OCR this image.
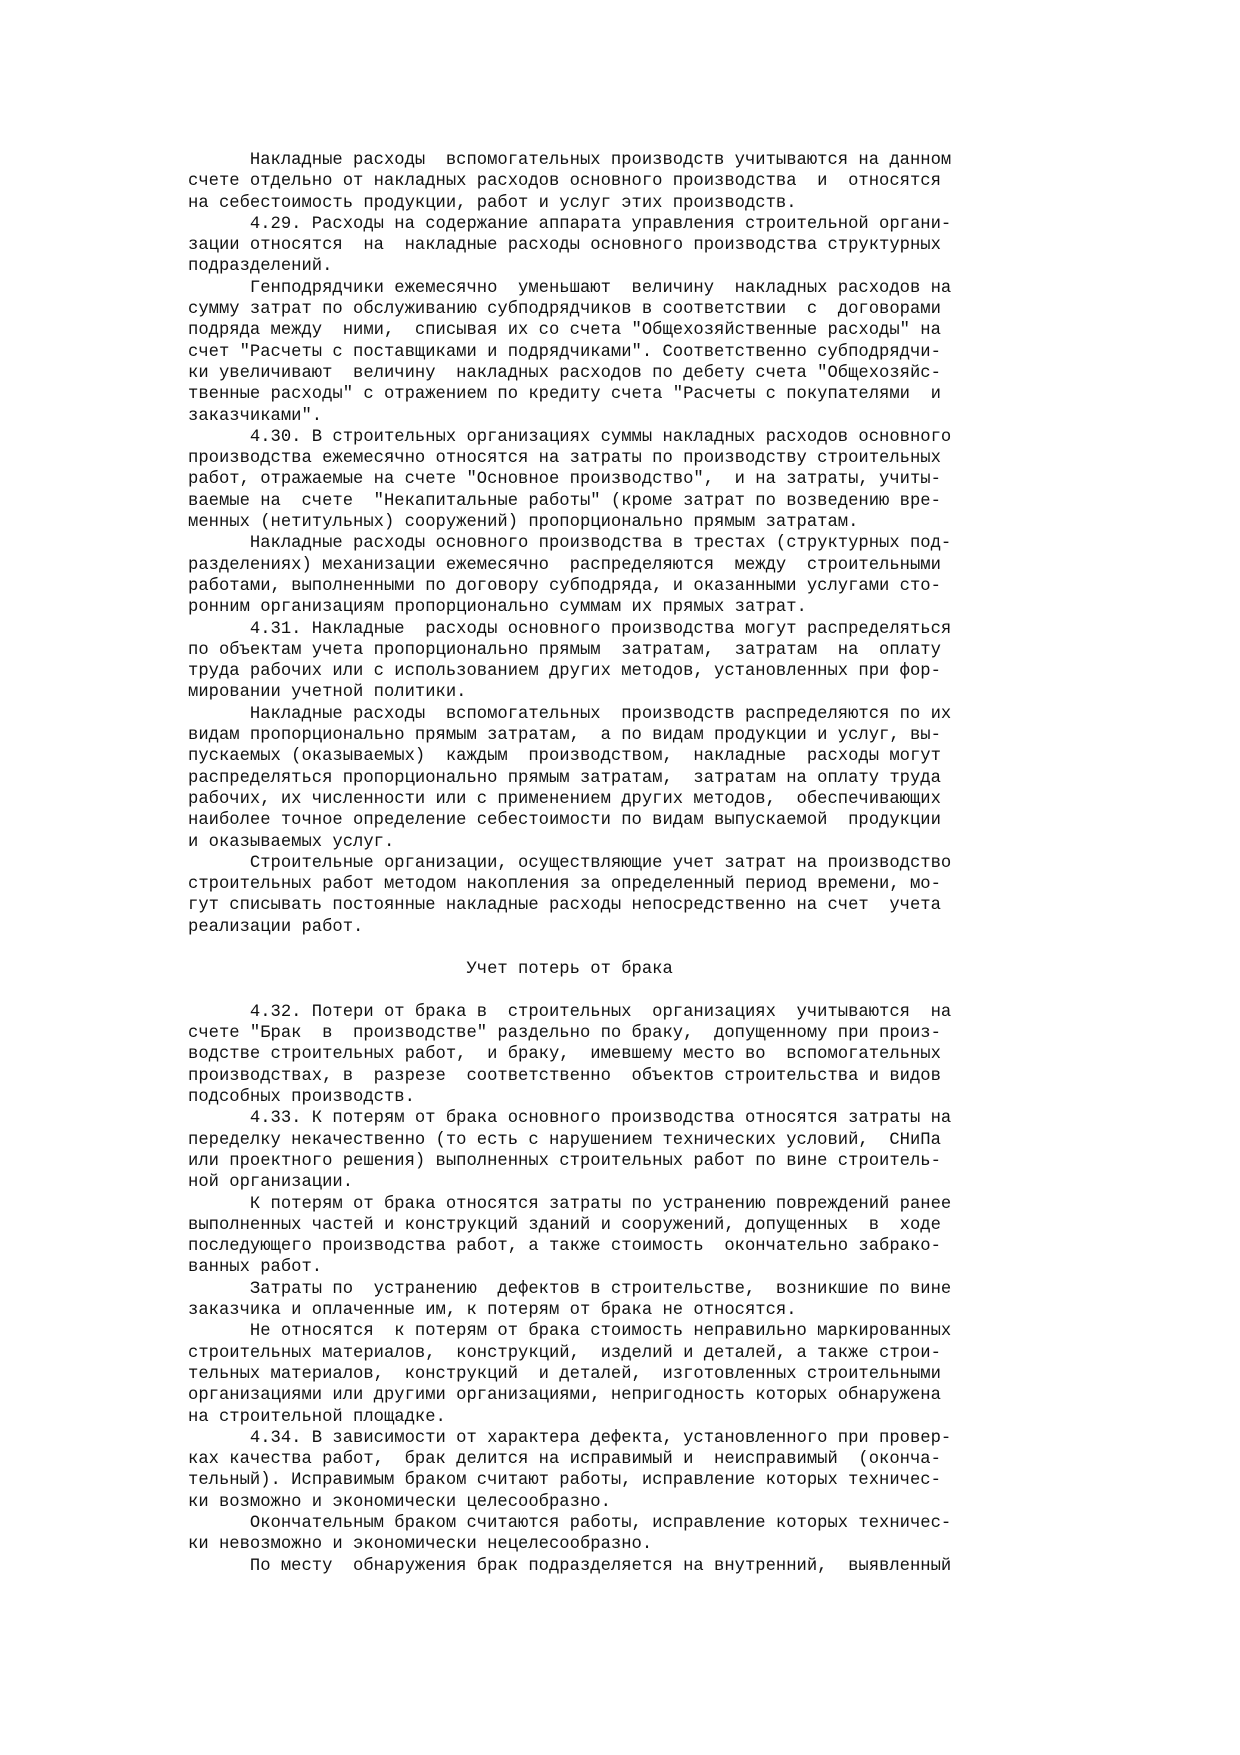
Накладные расходы  вспомогательных производств учитываются на данном
счете отдельно от накладных расходов основного производства  и  относятся
на себестоимость продукции, работ и услуг этих производств.
4.29. Расходы на содержание аппарата управления строительной органи-
зации относятся  на  накладные расходы основного производства структурных
подразделений.
Генподрядчики ежемесячно  уменьшают  величину  накладных расходов на
сумму затрат по обслуживанию субподрядчиков в соответствии  с  договорами
подряда между  ними,  списывая их со счета "Общехозяйственные расходы" на
счет "Расчеты с поставщиками и подрядчиками". Соответственно субподрядчи-
ки увеличивают  величину  накладных расходов по дебету счета "Общехозяйс-
твенные расходы" с отражением по кредиту счета "Расчеты с покупателями  и
заказчиками".
4.30. В строительных организациях суммы накладных расходов основного
производства ежемесячно относятся на затраты по производству строительных
работ, отражаемые на счете "Основное производство",  и на затраты, учиты-
ваемые на  счете  "Некапитальные работы" (кроме затрат по возведению вре-
менных (нетитульных) сооружений) пропорционально прямым затратам.
Накладные расходы основного производства в трестах (структурных под-
разделениях) механизации ежемесячно  распределяются  между  строительными
работами, выполненными по договору субподряда, и оказанными услугами сто-
ронним организациям пропорционально суммам их прямых затрат.
4.31. Накладные  расходы основного производства могут распределяться
по объектам учета пропорционально прямым  затратам,  затратам  на  оплату
труда рабочих или с использованием других методов, установленных при фор-
мировании учетной политики.
Накладные расходы  вспомогательных  производств распределяются по их
видам пропорционально прямым затратам,  а по видам продукции и услуг, вы-
пускаемых (оказываемых)  каждым  производством,  накладные  расходы могут
распределяться пропорционально прямым затратам,  затратам на оплату труда
рабочих, их численности или с применением других методов,  обеспечивающих
наиболее точное определение себестоимости по видам выпускаемой  продукции
и оказываемых услуг.
Строительные организации, осуществляющие учет затрат на производство
строительных работ методом накопления за определенный период времени, мо-
гут списывать постоянные накладные расходы непосредственно на счет  учета
реализации работ.

Учет потерь от брака

4.32. Потери от брака в  строительных  организациях  учитываются  на
счете "Брак  в  производстве" раздельно по браку,  допущенному при произ-
водстве строительных работ,  и браку,  имевшему место во  вспомогательных
производствах, в  разрезе  соответственно  объектов строительства и видов
подсобных производств.
4.33. К потерям от брака основного производства относятся затраты на
переделку некачественно (то есть с нарушением технических условий,  СНиПа
или проектного решения) выполненных строительных работ по вине строитель-
ной организации.
К потерям от брака относятся затраты по устранению повреждений ранее
выполненных частей и конструкций зданий и сооружений, допущенных  в  ходе
последующего производства работ, а также стоимость  окончательно забрако-
ванных работ.
Затраты по  устранению  дефектов в строительстве,  возникшие по вине
заказчика и оплаченные им, к потерям от брака не относятся.
Не относятся  к потерям от брака стоимость неправильно маркированных
строительных материалов,  конструкций,  изделий и деталей, а также строи-
тельных материалов,  конструкций  и деталей,  изготовленных строительными
организациями или другими организациями, непригодность которых обнаружена
на строительной площадке.
4.34. В зависимости от характера дефекта, установленного при провер-
ках качества работ,  брак делится на исправимый и  неисправимый  (оконча-
тельный). Исправимым браком считают работы, исправление которых техничес-
ки возможно и экономически целесообразно.
Окончательным браком считаются работы, исправление которых техничес-
ки невозможно и экономически нецелесообразно.
По месту  обнаружения брак подразделяется на внутренний,  выявленный
